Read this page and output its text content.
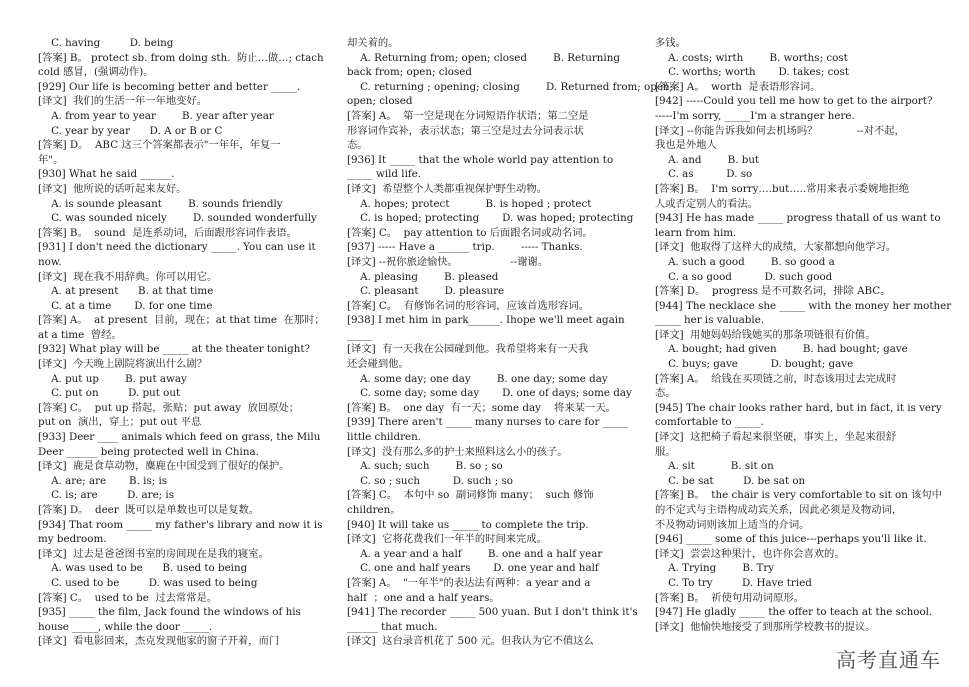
C. having         D. being
[答案] B。 protect sb. from doing sth.  防止…做…; ctach
cold 感冒，(强调动作)。
[929] Our life is becoming better and better _____.
[译文]  我们的生活一年一年地变好。
A. from year to year        B. year after year
C. year by year      D. A or B or C
[答案] D。  ABC 这三个答案都表示"一年年，年复一
年"。
[930] What he said ______.
[译文]  他所说的话听起来友好。
A. is sounde pleasant        B. sounds friendly
C. was sounded nicely        D. sounded wonderfully
[答案] B。  sound  是连系动词，后面跟形容词作表语。
[931] I don't need the dictionary _____. You can use it
now.
[译文]  现在我不用辞典。你可以用它。
A. at present      B. at that time
C. at a time       D. for one time
[答案] A。  at present  目前，现在；at that time  在那时；
at a time  曾经。
[932] What play will be _____ at the theater tonight?
[译文]  今天晚上剧院将演出什么剧？
A. put up        B. put away
C. put on         D. put out
[答案] C。  put up 搭起，张贴；put away  放回原处；
put on  演出，穿上；put out 平息
[933] Deer ____ animals which feed on grass, the Milu
Deer ______ being protected well in China.
[译文]  鹿是食草动物，麋鹿在中国受到了很好的保护。
A. are; are       B. is; is
C. is; are         D. are; is
[答案] D。  deer  既可以是单数也可以是复数。
[934] That room _____ my father's library and now it is
my bedroom.
[译文]  过去是爸爸图书室的房间现在是我的寝室。
A. was used to be      B. used to being
C. used to be         D. was used to being
[答案] C。  used to be  过去常常是。
[935] _____ the film, Jack found the windows of his
house _____, while the door _____.
[译文]  看电影回来，杰克发现他家的窗子开着，而门
却关着的。
A. Returning from; open; closed        B. Returning
back from; open; closed
C. returning ; opening; closing        D. Returned from; open;
open; closed
[答案] A。  第一空是现在分词短语作状语；第二空是
形容词作宾补，表示状态；第三空是过去分词表示状
态。
[936] It _____ that the whole world pay attention to
_____ wild life.
[译文]  希望整个人类都重视保护野生动物。
A. hopes; protect           B. is hoped ; protect
C. is hoped; protecting       D. was hoped; protecting
[答案] C。  pay attention to 后面跟名词或动名词。
[937] ----- Have a ______ trip.        ----- Thanks.
[译文] --祝你旅途愉快。                --谢谢。
A. pleasing        B. pleased
C. pleasant        D. pleasure
[答案] C。  有修饰名词的形容词，应该首选形容词。
[938] I met him in park______. Ihope we'll meet again
_____
[译文]  有一天我在公园碰到他。我希望将来有一天我
还会碰到他。
A. some day; one day        B. one day; some day
C. some day; some day       D. one of days; some day
[答案] B。  one day  有一天；some day    将来某一天。
[939] There aren't _____ many nurses to care for _____
little children.
[译文]  没有那么多的护士来照料这么小的孩子。
A. such; such        B. so ; so
C. so ; such          D. such ; so
[答案] C。  本句中 so  副词修饰 many；  such 修饰
children。
[940] It will take us _____ to complete the trip.
[译文]  它将花费我们一年半的时间来完成。
A. a year and a half        B. one and a half year
C. one and half years       D. one year and half
[答案] A。  "一年半"的表达法有两种：a year and a
half  ；one and a half years。
[941] The recorder _____ 500 yuan. But I don't think it's
______ that much.
[译文]  这台录音机花了 500 元。但我认为它不值这么
多钱。
A. costs; wirth        B. worths; cost
C. worths; worth       D. takes; cost
[答案] A。  worth  是表语形容词。
[942] -----Could you tell me how to get to the airport?
-----I'm sorry, _____I'm a stranger here.
[译文] --你能告诉我如何去机场吗？            --对不起，
我也是外地人
A. and        B. but
C. as          D. so
[答案] B。  I'm sorry….but…..常用来表示委婉地拒绝
人或否定别人的看法。
[943] He has made _____ progress thatall of us want to
learn from him.
[译文]  他取得了这样大的成绩，大家都想向他学习。
A. such a good        B. so good a
C. a so good          D. such good
[答案] D。  progress 是不可数名词，排除 ABC。
[944] The necklace she _____ with the money her mother
_____ her is valuable.
[译文]  用她妈妈给钱她买的那条项链很有价值。
A. bought; had given        B. had bought; gave
C. buys; gave          D. bought; gave
[答案] A。  给钱在买项链之前，时态该用过去完成时
态。
[945] The chair looks rather hard, but in fact, it is very
comfortable to _____.
[译文]  这把椅子看起来很坚硬，事实上，坐起来很舒
服。
A. sit           B. sit on
C. be sat         D. be sat on
[答案] B。  the chair is very comfortable to sit on 该句中
的不定式与主语构成动宾关系，因此必须是及物动词，
不及物动词则该加上适当的介词。
[946] _____ some of this juice---perhaps you'll like it.
[译文]  尝尝这种果汁，也许你会喜欢的。
A. Trying        B. Try
C. To try         D. Have tried
[答案] B。  祈使句用动词原形。
[947] He gladly _____ the offer to teach at the school.
[译文]  他愉快地接受了到那所学校教书的提议。
高考直通车
